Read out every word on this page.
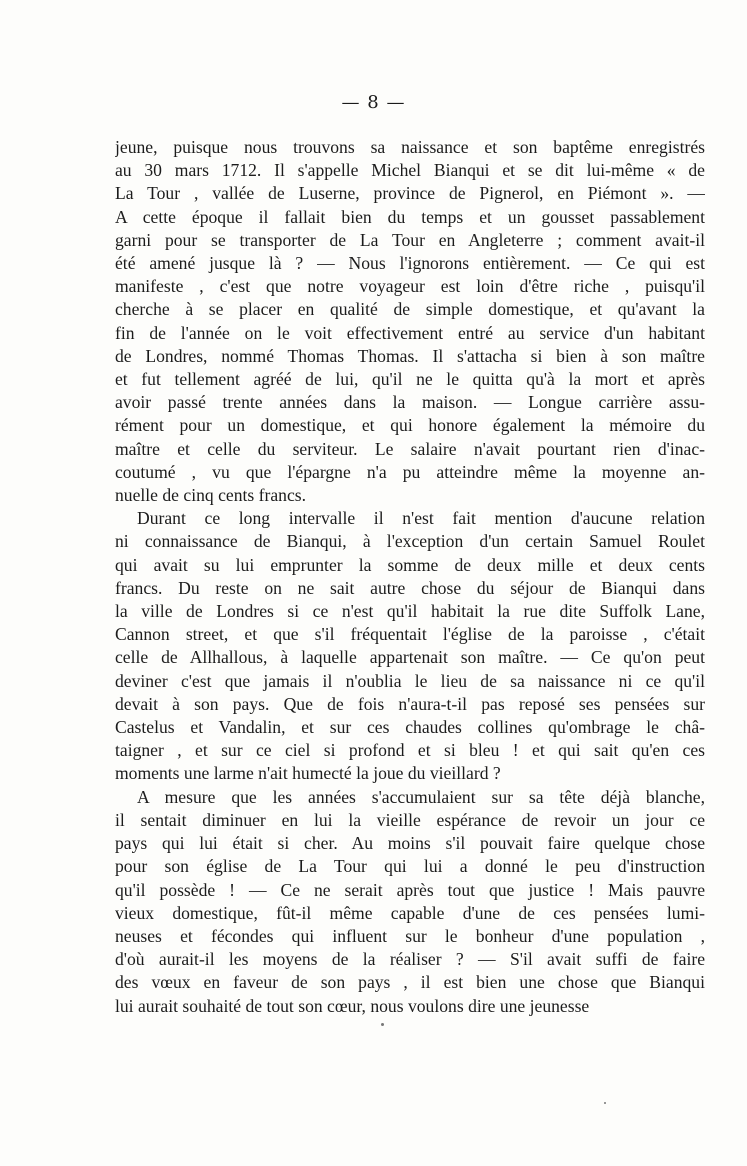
— 8 —

jeune, puisque nous trouvons sa naissance et son baptême enregistrés
au 30 mars 1712. Il s'appelle Michel Bianqui et se dit lui-même « de
La Tour , vallée de Luserne, province de Pignerol, en Piémont ». —
A cette époque il fallait bien du temps et un gousset passablement
garni pour se transporter de La Tour en Angleterre ; comment avait-il
été amené jusque là ? — Nous l'ignorons entièrement. — Ce qui est
manifeste , c'est que notre voyageur est loin d'être riche , puisqu'il
cherche à se placer en qualité de simple domestique, et qu'avant la
fin de l'année on le voit effectivement entré au service d'un habitant
de Londres, nommé Thomas Thomas. Il s'attacha si bien à son maître
et fut tellement agréé de lui, qu'il ne le quitta qu'à la mort et après
avoir passé trente années dans la maison. — Longue carrière assu-
rément pour un domestique, et qui honore également la mémoire du
maître et celle du serviteur. Le salaire n'avait pourtant rien d'inac-
coutumé , vu que l'épargne n'a pu atteindre même la moyenne an-
nuelle de cinq cents francs.

Durant ce long intervalle il n'est fait mention d'aucune relation
ni connaissance de Bianqui, à l'exception d'un certain Samuel Roulet
qui avait su lui emprunter la somme de deux mille et deux cents
francs. Du reste on ne sait autre chose du séjour de Bianqui dans
la ville de Londres si ce n'est qu'il habitait la rue dite Suffolk Lane,
Cannon street, et que s'il fréquentait l'église de la paroisse , c'était
celle de Allhallous, à laquelle appartenait son maître. — Ce qu'on peut
deviner c'est que jamais il n'oublia le lieu de sa naissance ni ce qu'il
devait à son pays. Que de fois n'aura-t-il pas reposé ses pensées sur
Castelus et Vandalin, et sur ces chaudes collines qu'ombrage le châ-
taigner , et sur ce ciel si profond et si bleu ! et qui sait qu'en ces
moments une larme n'ait humecté la joue du vieillard ?

A mesure que les années s'accumulaient sur sa tête déjà blanche,
il sentait diminuer en lui la vieille espérance de revoir un jour ce
pays qui lui était si cher. Au moins s'il pouvait faire quelque chose
pour son église de La Tour qui lui a donné le peu d'instruction
qu'il possède ! — Ce ne serait après tout que justice ! Mais pauvre
vieux domestique, fût-il même capable d'une de ces pensées lumi-
neuses et fécondes qui influent sur le bonheur d'une population ,
d'où aurait-il les moyens de la réaliser ? — S'il avait suffi de faire
des vœux en faveur de son pays , il est bien une chose que Bianqui
lui aurait souhaité de tout son cœur, nous voulons dire une jeunesse
